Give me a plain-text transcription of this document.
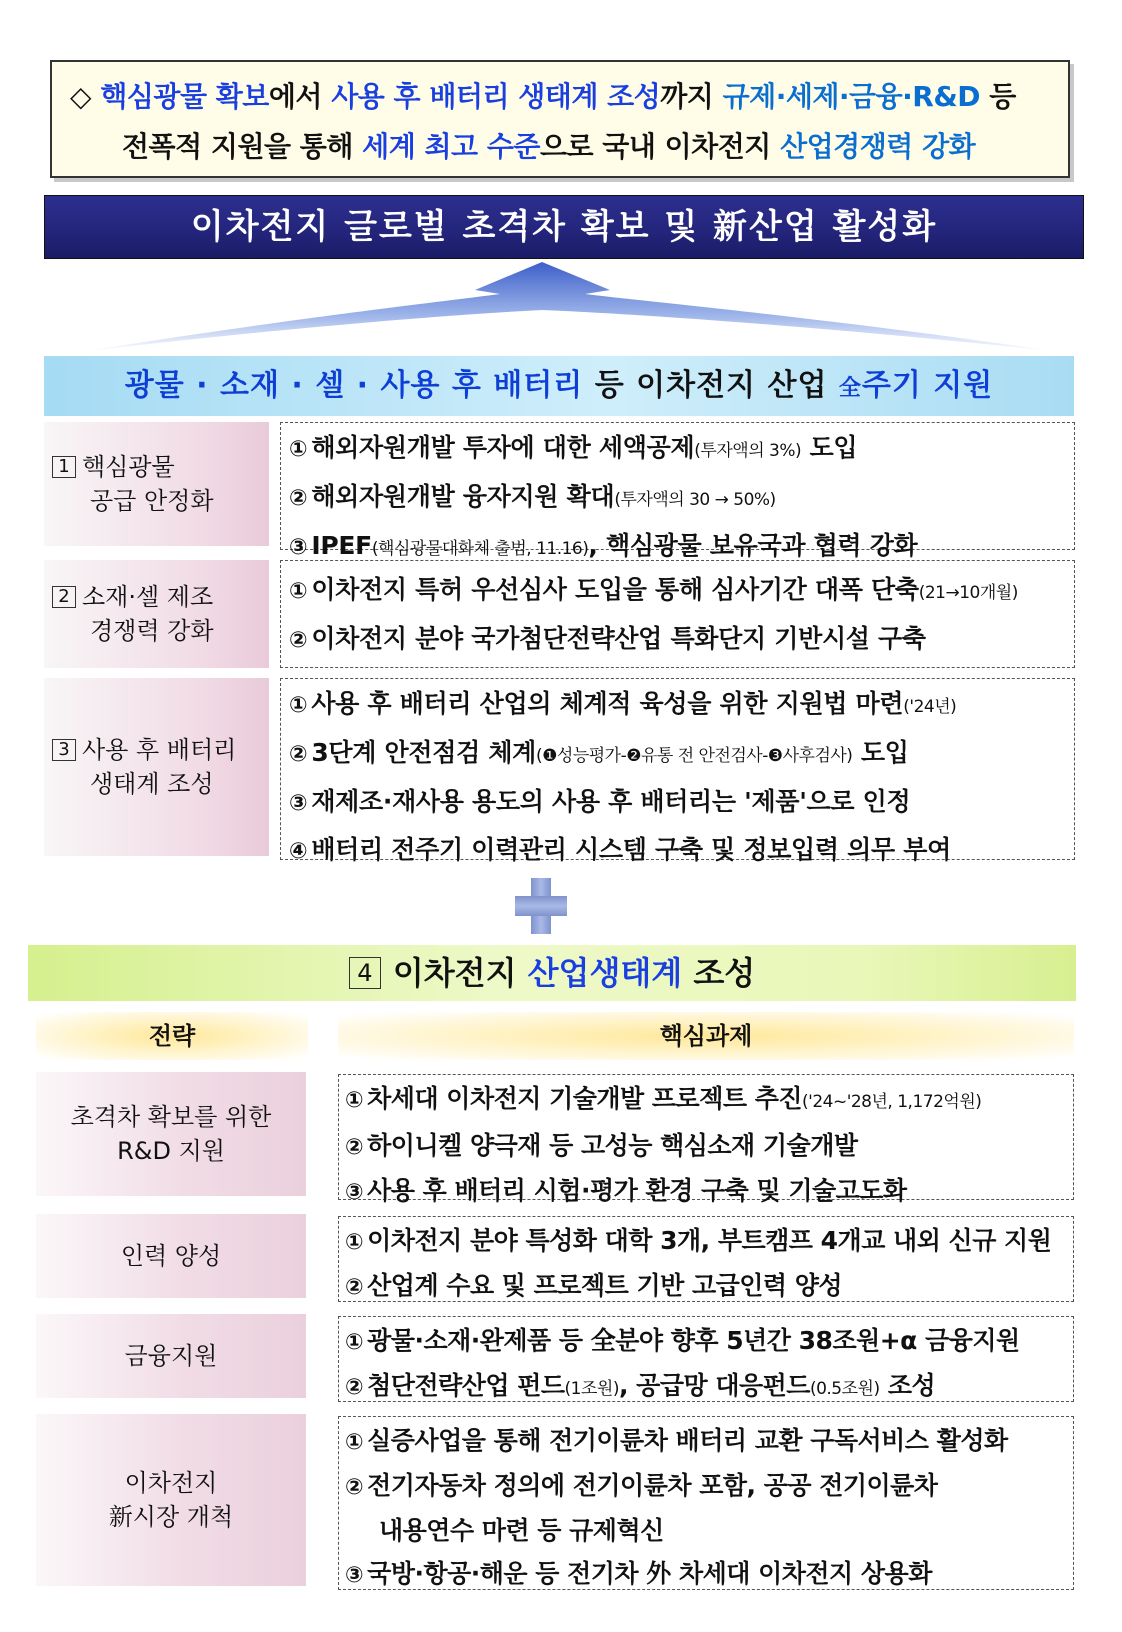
◇ 핵심광물 확보에서 사용 후 배터리 생태계 조성까지 규제·세제·금융·R&D 등
전폭적 지원을 통해 세계 최고 수준으로 국내 이차전지 산업경쟁력 강화
이차전지 글로벌 초격차 확보 및 新산업 활성화
광물 · 소재 · 셀 · 사용 후 배터리 등 이차전지 산업 全주기 지원
1 핵심광물
공급 안정화
① 해외자원개발 투자에 대한 세액공제(투자액의 3%) 도입
② 해외자원개발 융자지원 확대(투자액의 30 → 50%)
③ IPEF(핵심광물대화체 출범, 11.16), 핵심광물 보유국과 협력 강화
2 소재·셀 제조
경쟁력 강화
① 이차전지 특허 우선심사 도입을 통해 심사기간 대폭 단축(21→10개월)
② 이차전지 분야 국가첨단전략산업 특화단지 기반시설 구축
3 사용 후 배터리
생태계 조성
① 사용 후 배터리 산업의 체계적 육성을 위한 지원법 마련('24년)
② 3단계 안전점검 체계(❶성능평가-❷유통 전 안전검사-❸사후검사) 도입
③ 재제조·재사용 용도의 사용 후 배터리는 '제품'으로 인정
④ 배터리 전주기 이력관리 시스템 구축 및 정보입력 의무 부여
4 이차전지 산업생태계 조성
전략	핵심과제
초격차 확보를 위한
R&D 지원
① 차세대 이차전지 기술개발 프로젝트 추진('24~'28년, 1,172억원)
② 하이니켈 양극재 등 고성능 핵심소재 기술개발
③ 사용 후 배터리 시험·평가 환경 구축 및 기술고도화
인력 양성	① 이차전지 분야 특성화 대학 3개, 부트캠프 4개교 내외 신규 지원
② 산업계 수요 및 프로젝트 기반 고급인력 양성
금융지원	① 광물·소재·완제품 등 全분야 향후 5년간 38조원+α 금융지원
② 첨단전략산업 펀드(1조원), 공급망 대응펀드(0.5조원) 조성
이차전지
新시장 개척
① 실증사업을 통해 전기이륜차 배터리 교환 구독서비스 활성화
② 전기자동차 정의에 전기이륜차 포함, 공공 전기이륜차
내용연수 마련 등 규제혁신
③ 국방·항공·해운 등 전기차 外 차세대 이차전지 상용화
